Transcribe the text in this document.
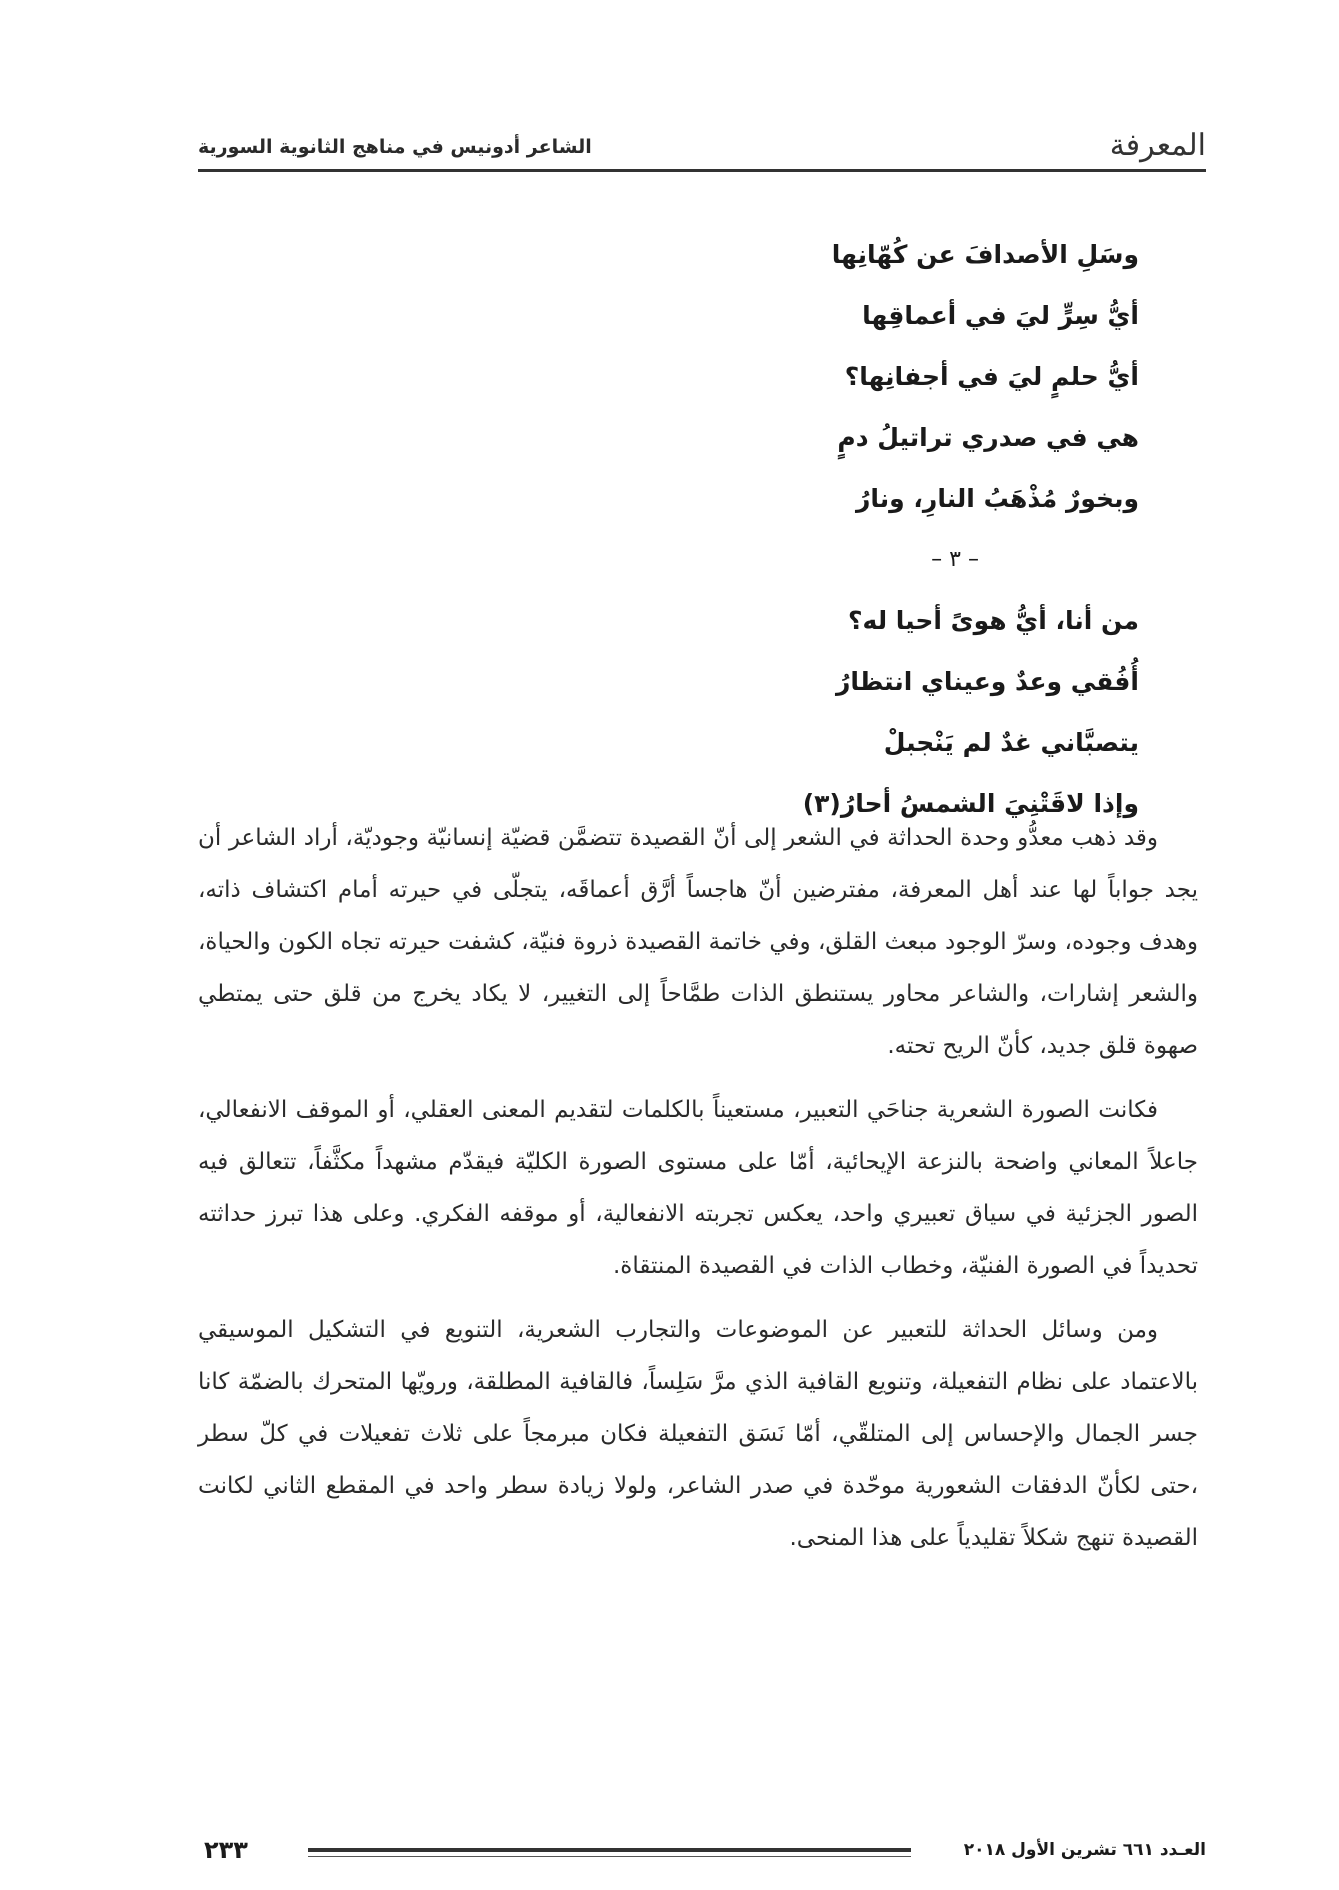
المعرفة
الشاعر أدونيس في مناهج الثانوية السورية
وسَلِ الأصدافَ عن كُهّانِها
أيُّ سِرٍّ ليَ في أعماقِها
أيُّ حلمٍ ليَ في أجفانِها؟
هي في صدري تراتيلُ دمٍ
وبخورٌ مُذْهَبُ النارِ، ونارُ
– ٣ –
من أنا، أيُّ هوىً أحيا له؟
أُفُقي وعدٌ وعيناي انتظارُ
يتصبَّاني غدٌ لم يَنْجبلْ
وإذا لاقَتْنِيَ الشمسُ أحارُ(٣)

وقد ذهب معدُّو وحدة الحداثة في الشعر إلى أنّ القصيدة تتضمَّن قضيّة إنسانيّة وجوديّة، أراد الشاعر أن يجد جواباً لها عند أهل المعرفة، مفترضين أنّ هاجساً أرَّق أعماقَه، يتجلّى في حيرته أمام اكتشاف ذاته، وهدف وجوده، وسرّ الوجود مبعث القلق، وفي خاتمة القصيدة ذروة فنيّة، كشفت حيرته تجاه الكون والحياة، والشعر إشارات، والشاعر محاور يستنطق الذات طمَّاحاً إلى التغيير، لا يكاد يخرج من قلق حتى يمتطي صهوة قلق جديد، كأنّ الريح تحته.

فكانت الصورة الشعرية جناحَي التعبير، مستعيناً بالكلمات لتقديم المعنى العقلي، أو الموقف الانفعالي، جاعلاً المعاني واضحة بالنزعة الإيحائية، أمّا على مستوى الصورة الكليّة فيقدّم مشهداً مكثَّفاً، تتعالق فيه الصور الجزئية في سياق تعبيري واحد، يعكس تجربته الانفعالية، أو موقفه الفكري. وعلى هذا تبرز حداثته تحديداً في الصورة الفنيّة، وخطاب الذات في القصيدة المنتقاة.

ومن وسائل الحداثة للتعبير عن الموضوعات والتجارب الشعرية، التنويع في التشكيل الموسيقي بالاعتماد على نظام التفعيلة، وتنويع القافية الذي مرَّ سَلِساً، فالقافية المطلقة، ورويّها المتحرك بالضمّة كانا جسر الجمال والإحساس إلى المتلقّي، أمّا نَسَق التفعيلة فكان مبرمجاً على ثلاث تفعيلات في كلّ سطر ،حتى لكأنّ الدفقات الشعورية موحّدة في صدر الشاعر، ولولا زيادة سطر واحد في المقطع الثاني لكانت القصيدة تنهج شكلاً تقليدياً على هذا المنحى.

العـدد ٦٦١ تشرين الأول ٢٠١٨
٢٣٣
